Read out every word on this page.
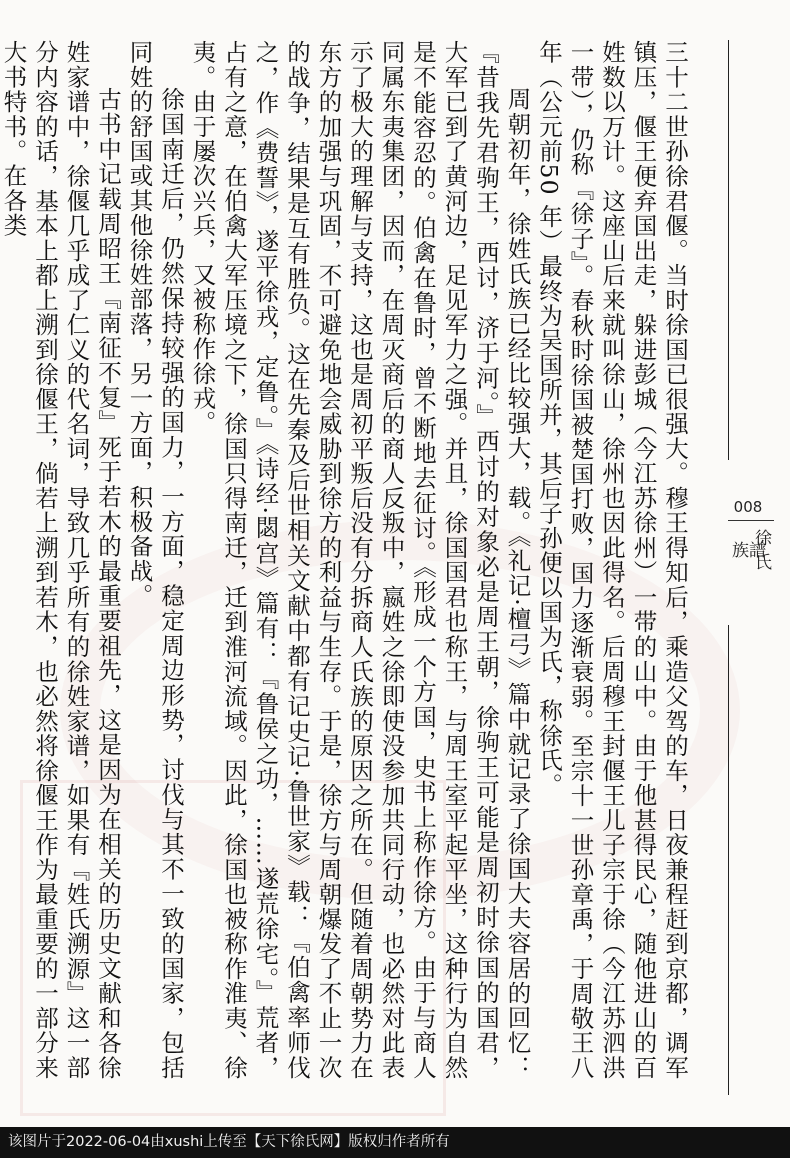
008
徐
氏
族譜

三十二世孙徐君偃。当时徐国已很强大。穆王得知后，乘造父驾的车，日夜兼程赶到京都，调军镇压，偃王便弃国出走，躲进彭城（今江苏徐州）一带的山中。由于他甚得民心，随他进山的百姓数以万计。这座山后来就叫徐山，徐州也因此得名。后周穆王封偃王儿子宗于徐（今江苏泗洪一带），仍称『徐子』。春秋时徐国被楚国打败，国力逐渐衰弱。至宗十一世孙章禹，于周敬王八年（公元前50 年）最终为吴国所并，其后子孙便以国为氏，称徐氏。

周朝初年，徐姓氏族已经比较强大，载。《礼记·檀弓》篇中就记录了徐国大夫容居的回忆：『昔我先君驹王，西讨，济于河。』西讨的对象必是周王朝，徐驹王可能是周初时徐国的国君，大军已到了黄河边，足见军力之强。并且，徐国国君也称王，与周王室平起平坐，这种行为自然是不能容忍的。伯禽在鲁时，曾不断地去征讨。《形成一个方国，史书上称作徐方。由于与商人同属东夷集团，因而，在周灭商后的商人反叛中，嬴姓之徐即使没参加共同行动，也必然对此表示了极大的理解与支持，这也是周初平叛后没有分拆商人氏族的原因之所在。但随着周朝势力在东方的加强与巩固，不可避免地会威胁到徐方的利益与生存。于是，徐方与周朝爆发了不止一次的战争，结果是互有胜负。这在先秦及后世相关文献中都有记史记·鲁世家》载：『伯禽率师伐之，作《费誓》，遂平徐戎，定鲁。』《诗经·閟宫》篇有：『鲁侯之功，……遂荒徐宅。』荒者，占有之意，在伯禽大军压境之下，徐国只得南迁，迁到淮河流域。因此，徐国也被称作淮夷、徐夷。由于屡次兴兵，又被称作徐戎。

徐国南迁后，仍然保持较强的国力，一方面，稳定周边形势，讨伐与其不一致的国家，包括同姓的舒国或其他徐姓部落，另一方面，积极备战。

古书中记载周昭王『南征不复』死于若木的最重要祖先，这是因为在相关的历史文献和各徐姓家谱中，徐偃几乎成了仁义的代名词，导致几乎所有的徐姓家谱，如果有『姓氏溯源』这一部分内容的话，基本上都上溯到徐偃王，倘若上溯到若木，也必然将徐偃王作为最重要的一部分来大书特书。在各类

该图片于2022-06-04由xushi上传至【天下徐氏网】版权归作者所有
